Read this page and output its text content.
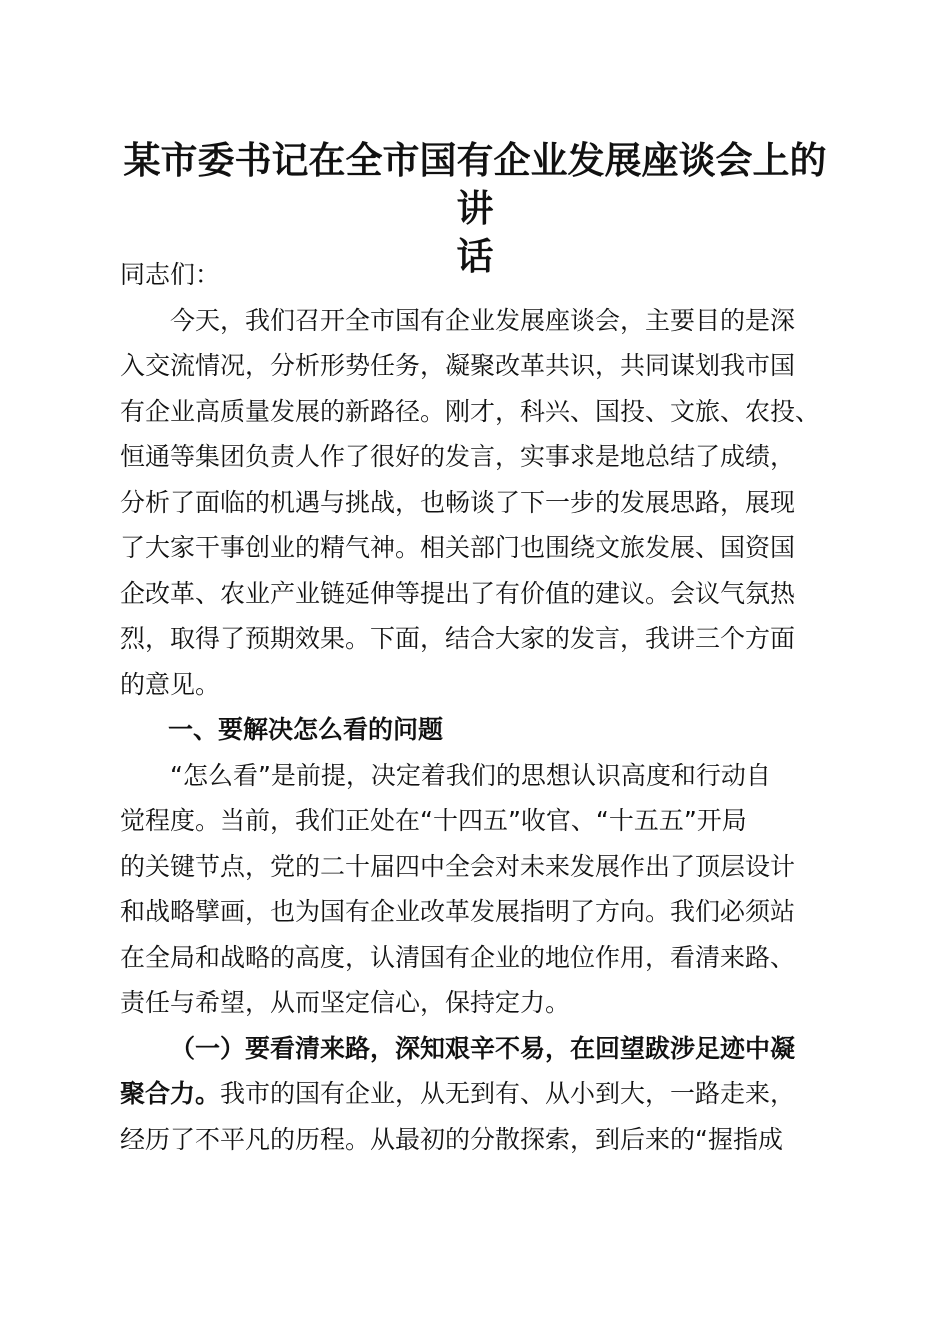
某市委书记在全市国有企业发展座谈会上的讲
话
同志们：
今天，我们召开全市国有企业发展座谈会，主要目的是深
入交流情况，分析形势任务，凝聚改革共识，共同谋划我市国
有企业高质量发展的新路径。刚才，科兴、国投、文旅、农投、
恒通等集团负责人作了很好的发言，实事求是地总结了成绩，
分析了面临的机遇与挑战，也畅谈了下一步的发展思路，展现
了大家干事创业的精气神。相关部门也围绕文旅发展、国资国
企改革、农业产业链延伸等提出了有价值的建议。会议气氛热
烈，取得了预期效果。下面，结合大家的发言，我讲三个方面
的意见。
一、要解决怎么看的问题
“怎么看”是前提，决定着我们的思想认识高度和行动自
觉程度。当前，我们正处在“十四五”收官、“十五五”开局
的关键节点，党的二十届四中全会对未来发展作出了顶层设计
和战略擘画，也为国有企业改革发展指明了方向。我们必须站
在全局和战略的高度，认清国有企业的地位作用，看清来路、
责任与希望，从而坚定信心，保持定力。
（一）要看清来路，深知艰辛不易，在回望跋涉足迹中凝
聚合力。我市的国有企业，从无到有、从小到大，一路走来，
经历了不平凡的历程。从最初的分散探索，到后来的“握指成
